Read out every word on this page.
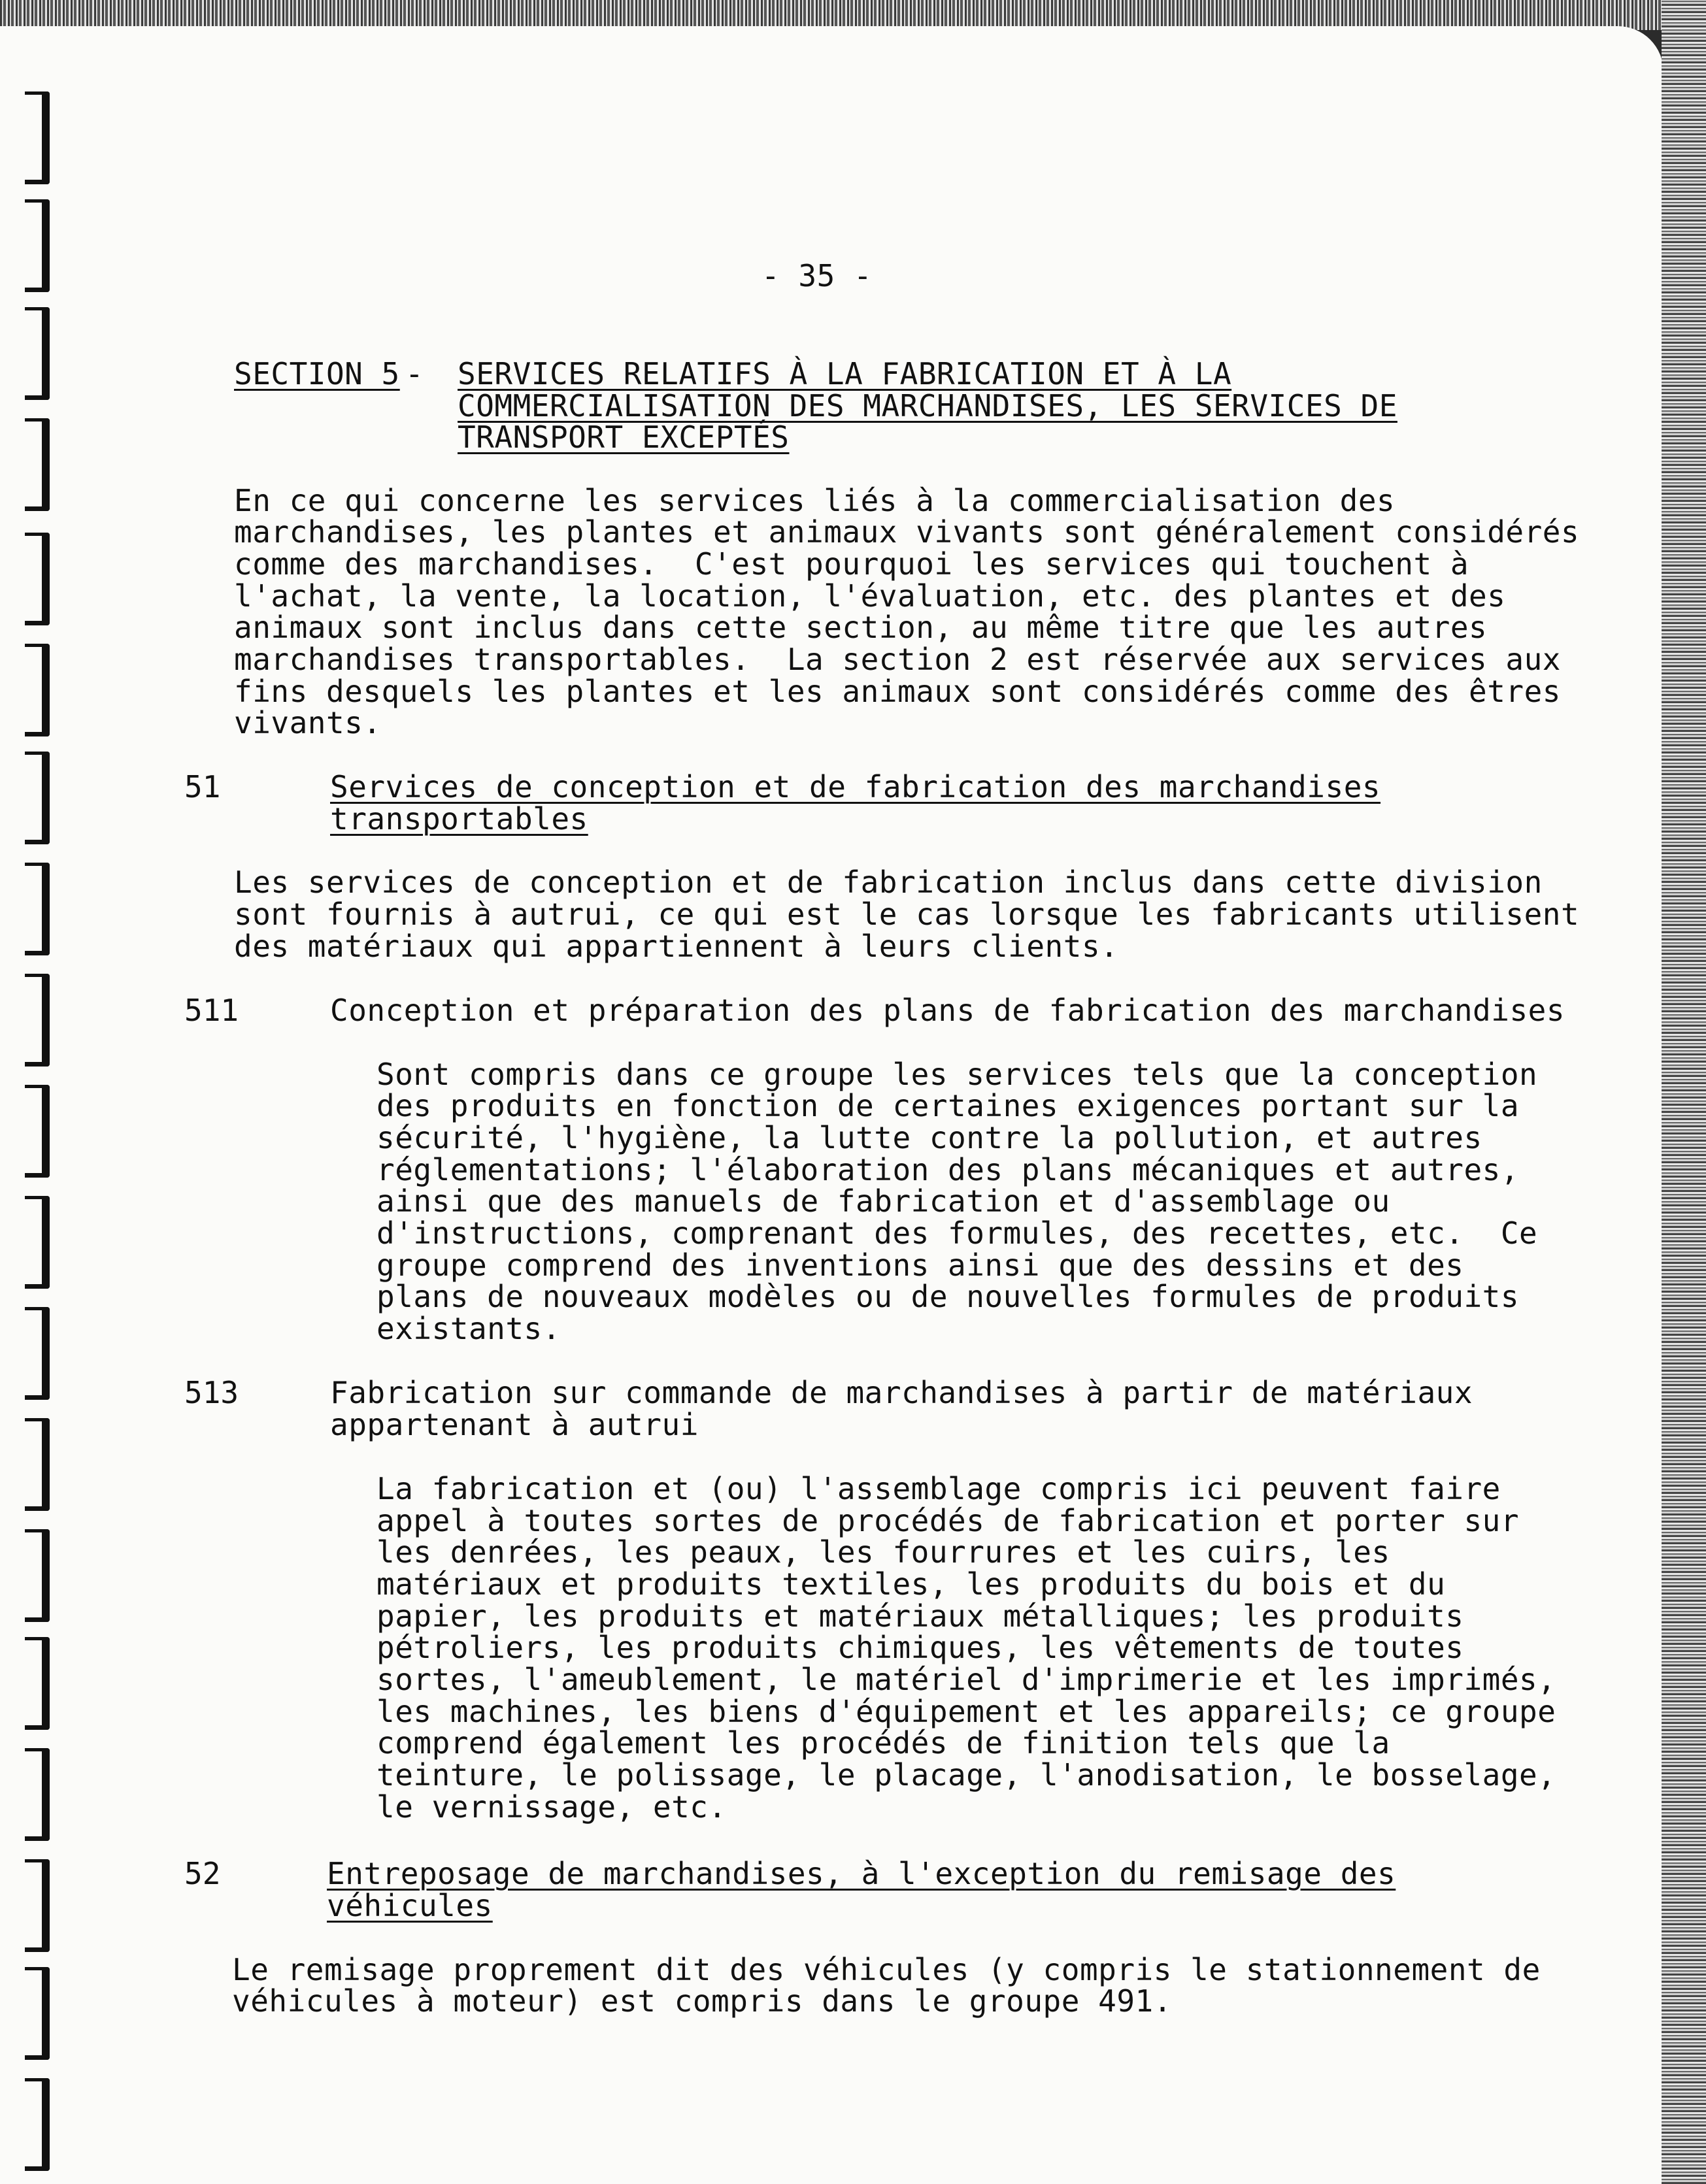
- 35 -
SECTION 5 - SERVICES RELATIFS À LA FABRICATION ET À LA
COMMERCIALISATION DES MARCHANDISES, LES SERVICES DE
TRANSPORT EXCEPTÉS
En ce qui concerne les services liés à la commercialisation des
marchandises, les plantes et animaux vivants sont généralement considérés
comme des marchandises.  C'est pourquoi les services qui touchent à
l'achat, la vente, la location, l'évaluation, etc. des plantes et des
animaux sont inclus dans cette section, au même titre que les autres
marchandises transportables.  La section 2 est réservée aux services aux
fins desquels les plantes et les animaux sont considérés comme des êtres
vivants.
51	Services de conception et de fabrication des marchandises
transportables
Les services de conception et de fabrication inclus dans cette division
sont fournis à autrui, ce qui est le cas lorsque les fabricants utilisent
des matériaux qui appartiennent à leurs clients.
511	Conception et préparation des plans de fabrication des marchandises
Sont compris dans ce groupe les services tels que la conception
des produits en fonction de certaines exigences portant sur la
sécurité, l'hygiène, la lutte contre la pollution, et autres
réglementations; l'élaboration des plans mécaniques et autres,
ainsi que des manuels de fabrication et d'assemblage ou
d'instructions, comprenant des formules, des recettes, etc.  Ce
groupe comprend des inventions ainsi que des dessins et des
plans de nouveaux modèles ou de nouvelles formules de produits
existants.
513	Fabrication sur commande de marchandises à partir de matériaux
appartenant à autrui
La fabrication et (ou) l'assemblage compris ici peuvent faire
appel à toutes sortes de procédés de fabrication et porter sur
les denrées, les peaux, les fourrures et les cuirs, les
matériaux et produits textiles, les produits du bois et du
papier, les produits et matériaux métalliques; les produits
pétroliers, les produits chimiques, les vêtements de toutes
sortes, l'ameublement, le matériel d'imprimerie et les imprimés,
les machines, les biens d'équipement et les appareils; ce groupe
comprend également les procédés de finition tels que la
teinture, le polissage, le placage, l'anodisation, le bosselage,
le vernissage, etc.
52	Entreposage de marchandises, à l'exception du remisage des
véhicules
Le remisage proprement dit des véhicules (y compris le stationnement de
véhicules à moteur) est compris dans le groupe 491.
